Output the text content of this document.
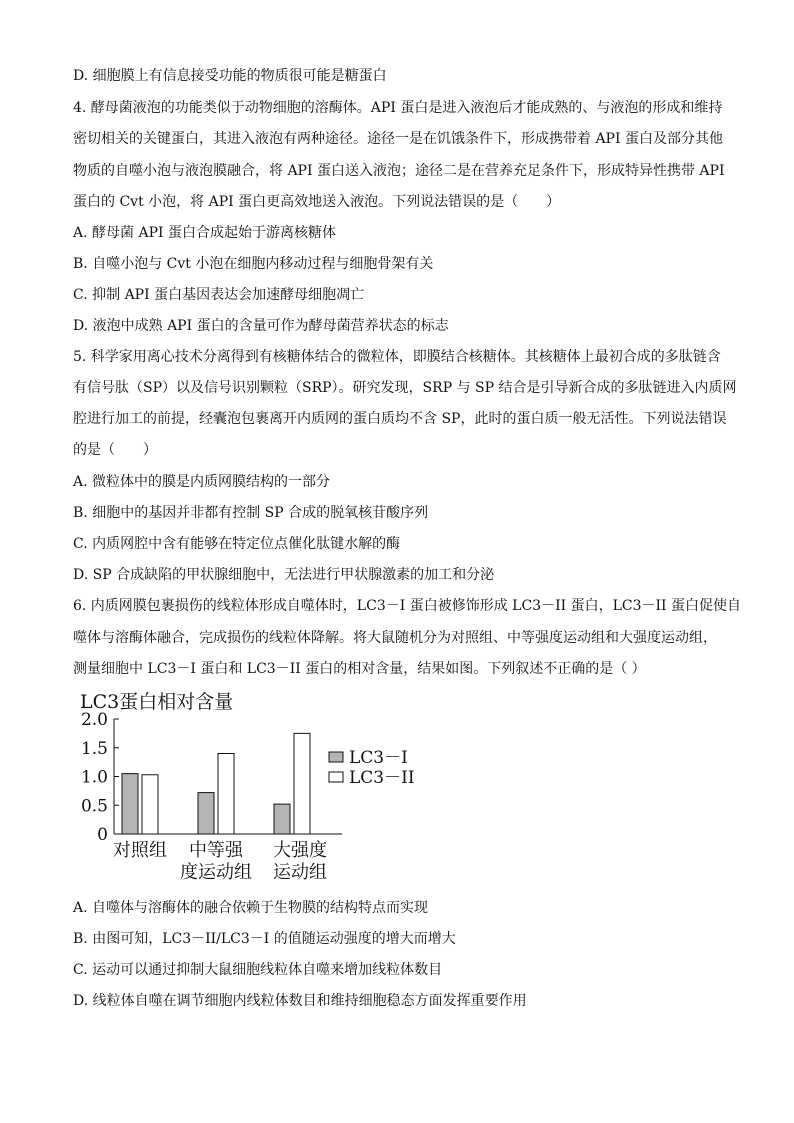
D. 细胞膜上有信息接受功能的物质很可能是糖蛋白
4. 酵母菌液泡的功能类似于动物细胞的溶酶体。API 蛋白是进入液泡后才能成熟的、与液泡的形成和维持
密切相关的关键蛋白，其进入液泡有两种途径。途径一是在饥饿条件下，形成携带着 API 蛋白及部分其他
物质的自噬小泡与液泡膜融合，将 API 蛋白送入液泡；途径二是在营养充足条件下，形成特异性携带 API
蛋白的 Cvt 小泡，将 API 蛋白更高效地送入液泡。下列说法错误的是（　　）
A. 酵母菌 API 蛋白合成起始于游离核糖体
B. 自噬小泡与 Cvt 小泡在细胞内移动过程与细胞骨架有关
C. 抑制 API 蛋白基因表达会加速酵母细胞凋亡
D. 液泡中成熟 API 蛋白的含量可作为酵母菌营养状态的标志
5. 科学家用离心技术分离得到有核糖体结合的微粒体，即膜结合核糖体。其核糖体上最初合成的多肽链含
有信号肽（SP）以及信号识别颗粒（SRP）。研究发现，SRP 与 SP 结合是引导新合成的多肽链进入内质网
腔进行加工的前提，经囊泡包裹离开内质网的蛋白质均不含 SP，此时的蛋白质一般无活性。下列说法错误
的是（　　）
A. 微粒体中的膜是内质网膜结构的一部分
B. 细胞中的基因并非都有控制 SP 合成的脱氧核苷酸序列
C. 内质网腔中含有能够在特定位点催化肽键水解的酶
D. SP 合成缺陷的甲状腺细胞中，无法进行甲状腺激素的加工和分泌
6. 内质网膜包裹损伤的线粒体形成自噬体时，LC3－I 蛋白被修饰形成 LC3－II 蛋白，LC3－II 蛋白促使自
噬体与溶酶体融合，完成损伤的线粒体降解。将大鼠随机分为对照组、中等强度运动组和大强度运动组，
测量细胞中 LC3－I 蛋白和 LC3－II 蛋白的相对含量，结果如图。下列叙述不正确的是（ ）
LC3蛋白相对含量
2.0
1.5
1.0
0.5
0
对照组 中等强
度运动组
大强度
运动组
LC3－I
LC3－II
A. 自噬体与溶酶体的融合依赖于生物膜的结构特点而实现
B. 由图可知，LC3－II/LC3－I 的值随运动强度的增大而增大
C. 运动可以通过抑制大鼠细胞线粒体自噬来增加线粒体数目
D. 线粒体自噬在调节细胞内线粒体数目和维持细胞稳态方面发挥重要作用
